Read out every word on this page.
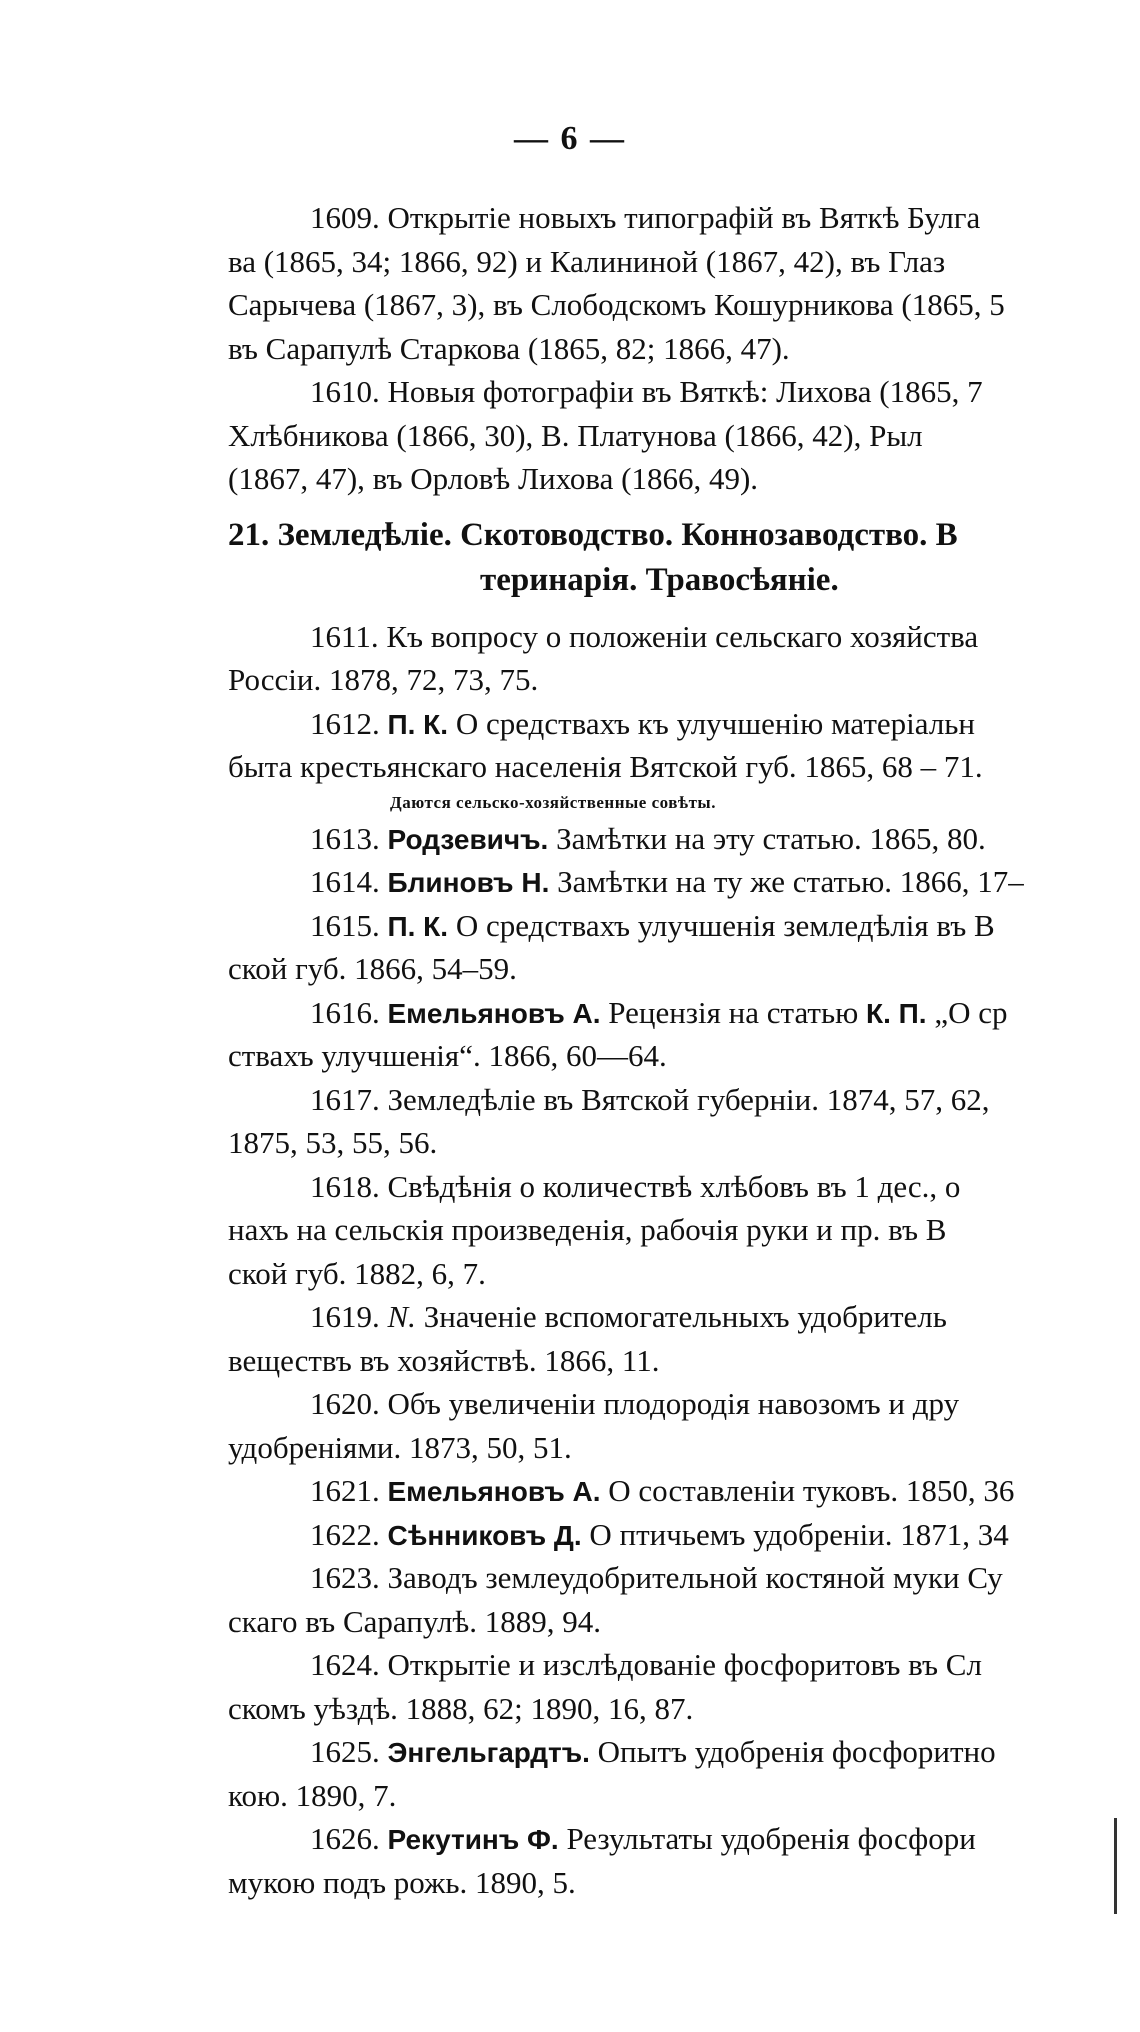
— 6 —
1609. Открытіе новыхъ типографій въ Вяткѣ Булга
ва (1865, 34; 1866, 92) и Калининой (1867, 42), въ Глаз
Сарычева (1867, 3), въ Слободскомъ Кошурникова (1865, 5
въ Сарапулѣ Старкова (1865, 82; 1866, 47).
1610. Новыя фотографіи въ Вяткѣ: Лихова (1865, 7
Хлѣбникова (1866, 30), В. Платунова (1866, 42), Рыл
(1867, 47), въ Орловѣ Лихова (1866, 49).
21. Земледѣліе. Скотоводство. Коннозаводство. В
теринарія. Травосѣяніе.
1611. Къ вопросу о положеніи сельскаго хозяйства
Россіи. 1878, 72, 73, 75.
1612. П. К. О средствахъ къ улучшенію матеріальн
быта крестьянскаго населенія Вятской губ. 1865, 68 – 71.
Даются сельско-хозяйственные совѣты.
1613. Родзевичъ. Замѣтки на эту статью. 1865, 80.
1614. Блиновъ Н. Замѣтки на ту же статью. 1866, 17–
1615. П. К. О средствахъ улучшенія земледѣлія въ В
ской губ. 1866, 54–59.
1616. Емельяновъ А. Рецензія на статью К. П. „О ср
ствахъ улучшенія“. 1866, 60—64.
1617. Земледѣліе въ Вятской губерніи. 1874, 57, 62,
1875, 53, 55, 56.
1618. Свѣдѣнія о количествѣ хлѣбовъ въ 1 дес., о
нахъ на сельскія произведенія, рабочія руки и пр. въ В
ской губ. 1882, 6, 7.
1619. N. Значеніе вспомогательныхъ удобритель
веществъ въ хозяйствѣ. 1866, 11.
1620. Объ увеличеніи плодородія навозомъ и дру
удобреніями. 1873, 50, 51.
1621. Емельяновъ А. О составленіи туковъ. 1850, 36
1622. Сѣнниковъ Д. О птичьемъ удобреніи. 1871, 34
1623. Заводъ землеудобрительной костяной муки Су
скаго въ Сарапулѣ. 1889, 94.
1624. Открытіе и изслѣдованіе фосфоритовъ въ Сл
скомъ уѣздѣ. 1888, 62; 1890, 16, 87.
1625. Энгельгардтъ. Опытъ удобренія фосфоритно
кою. 1890, 7.
1626. Рекутинъ Ф. Результаты удобренія фосфори
мукою подъ рожь. 1890, 5.
